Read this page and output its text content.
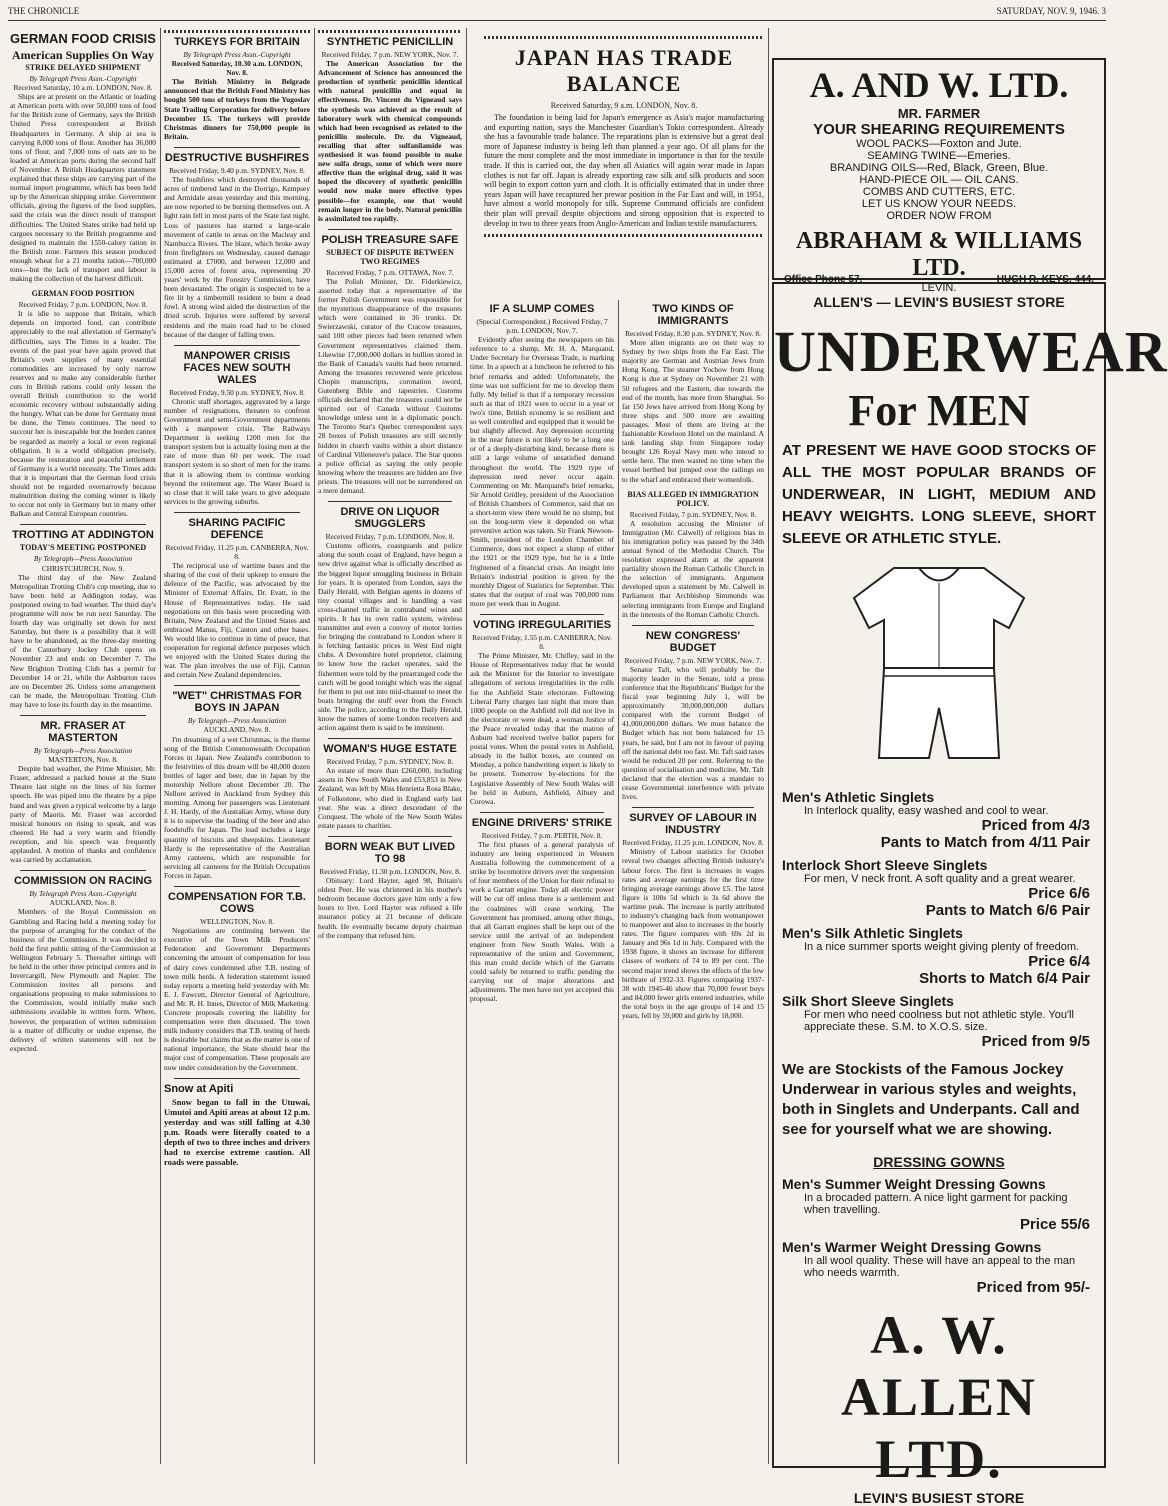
THE CHRONICLE	SATURDAY, NOV. 9, 1946. 3
GERMAN FOOD CRISIS
American Supplies On Way
STRIKE DELAYED SHIPMENT
By Telegraph Press Assn.-Copyright
Received Saturday, 10 a.m. LONDON, Nov. 8.

Ships are at present on the Atlantic or loading at American ports with over 50,000 tons of food for the British zone of Germany, says the British United Press correspondent at British Headquarters in Germany. A ship at sea is carrying 8,000 tons of flour. Another has 36,000 tons of flour, and 7,000 tons of oats are to be loaded at American ports during the second half of November. A British Headquarters statement explained that these ships are carrying part of the normal import programme, which has been held up by the American shipping strike. Government officials, giving the figures of the food supplies, said the crisis was the direct result of transport difficulties. The United States strike had held up cargoes necessary to the British programme and designed to maintain the 1550-calory ration in the British zone. Farmers this season produced enough wheat for a 21 months ration—700,000 tons—but the lack of transport and labour is making the collection of the harvest difficult.

GERMAN FOOD POSITION
Received Friday, 7 p.m. LONDON, Nov. 8.

It is idle to suppose that Britain, which depends on imported food, can contribute appreciably to the real alleviation of Germany's difficulties, says The Times in a leader. The events of the past year have again proved that Britain's own supplies of many essential commodities are increased by only narrow reserves and to make any considerable further cuts in British rations could only lessen the overall British contribution to the world economic recovery without substantially aiding the hungry. What can be done for Germany must be done, the Times continues. The need to succour her is inescapable but the burden cannot be regarded as merely a local or even regional obligation. It is a world obligation precisely, because the restoration and peaceful settlement of Germany is a world necessity. The Times adds that it is important that the German food crisis should not be regarded overnarrowly because malnutrition during the coming winter is likely to occur not only in Germany but in many other Balkan and Central European countries.

TROTTING AT ADDINGTON
TODAY'S MEETING POSTPONED
By Telegraph—Press Association
CHRISTCHURCH, Nov. 9.

The third day of the New Zealand Metropolitan Trotting Club's cup meeting, due to have been held at Addington today, was postponed owing to bad weather. The third day's programme will now be run next Saturday. The fourth day was originally set down for next Saturday, but there is a possibility that it will have to be abandoned, as the three-day meeting of the Canterbury Jockey Club opens on November 23 and ends on December 7. The New Brighton Trotting Club has a permit for December 14 or 21, while the Ashburton races are on December 26. Unless some arrangement can be made, the Metropolitan Trotting Club may have to lose its fourth day in the meantime.

MR. FRASER AT MASTERTON
By Telegraph—Press Association
MASTERTON, Nov. 8.

Despite bad weather, the Prime Minister, Mr. Fraser, addressed a packed house at the State Theatre last night on the lines of his former speech. He was piped into the theatre by a pipe band and was given a typical welcome by a large party of Maoris. Mr. Fraser was accorded musical honours on rising to speak, and was cheered. He had a very warm and friendly reception, and his speech was frequently applauded. A motion of thanks and confidence was carried by acclamation.

COMMISSION ON RACING
By Telegraph Press Assn.-Copyright
AUCKLAND, Nov. 8.

Members of the Royal Commission on Gambling and Racing held a meeting today for the purpose of arranging for the conduct of the business of the Commission. It was decided to hold the first public sitting of the Commission at Wellington February 5. Thereafter sittings will be held in the other three principal centres and in Invercargill, New Plymouth and Napier. The Commission invites all persons and organisations proposing to make submissions to the Commission, would initially make such submissions available in written form. Where, however, the preparation of written submission is a matter of difficulty or undue expense, the delivery of written statements will not be expected.

TURKEYS FOR BRITAIN
By Telegraph Press Assn.-Copyright
Received Saturday, 10.30 a.m. LONDON, Nov. 8.

The British Ministry in Belgrade announced that the British Food Ministry has bought 500 tons of turkeys from the Yugoslav State Trading Corporation for delivery before December 15. The turkeys will provide Christmas dinners for 750,000 people in Britain.

DESTRUCTIVE BUSHFIRES
Received Friday, 9.40 p.m. SYDNEY, Nov. 8.

The bushfires which destroyed thousands of acres of timbered land in the Dorrigo, Kempsey and Armidale areas yesterday and this morning, are now reported to be burning themselves out. A light rain fell in most parts of the State last night. Loss of pastures has started a large-scale movement of cattle to areas on the Macleay and Nambucca Rivers. The blaze, which broke away from firefighters on Wednesday, caused damage estimated at £7000, and between 12,000 and 15,000 acres of forest area, representing 20 years' work by the Forestry Commission, have been devastated. The origin is suspected to be a fire lit by a timbermill resident to burn a dead fowl. A strong wind aided the destruction of the dried scrub. Injuries were suffered by several residents and the main road had to be closed because of the danger of falling trees.

MANPOWER CRISIS FACES NEW SOUTH WALES
Received Friday, 9.50 p.m. SYDNEY, Nov. 8.

Chronic staff shortages, aggravated by a large number of resignations, threaten to confront Government and semi-Government departments with a manpower crisis. The Railways Department is seeking 1200 men for the transport system but is actually losing men at the rate of more than 60 per week. The road transport system is so short of men for the trams that it is allowing them to continue working beyond the retirement age. The Water Board is so close that it will take years to give adequate services to the growing suburbs.

SHARING PACIFIC DEFENCE
Received Friday, 11.25 p.m. CANBERRA, Nov. 8.

The reciprocal use of wartime bases and the sharing of the cost of their upkeep to ensure the defence of the Pacific, was advocated by the Minister of External Affairs, Dr. Evatt, in the House of Representatives today. He said negotiations on this basis were proceeding with Britain, New Zealand and the United States and embraced Manus, Fiji, Canton and other bases. We would like to continue in time of peace, that cooperation for regional defence purposes which we enjoyed with the United States during the war. The plan involves the use of Fiji, Canton and certain New Zealand dependencies.

"WET" CHRISTMAS FOR BOYS IN JAPAN
By Telegraph—Press Association
AUCKLAND, Nov. 8.

I'm dreaming of a wet Christmas, is the theme song of the British Commonwealth Occupation Forces in Japan. New Zealand's contribution to the festivities of this dream will be 48,000 dozen bottles of lager and beer, due in Japan by the motorship Nellore about December 20. The Nellore arrived in Auckland from Sydney this morning. Among her passengers was Lieutenant J. H. Hardy, of the Australian Army, whose duty it is to supervise the loading of the beer and also foodstuffs for Japan. The load includes a large quantity of biscuits and sheepskins. Lieutenant Hardy is the representative of the Australian Army canteens, which are responsible for servicing all canteens for the British Occupation Forces in Japan.

COMPENSATION FOR T.B. COWS
WELLINGTON, Nov. 8.

Negotiations are continuing between the executive of the Town Milk Producers' Federation and Government Departments concerning the amount of compensation for loss of dairy cows condemned after T.B. testing of town milk herds. A federation statement issued today reports a meeting held yesterday with Mr. E. J. Fawcett, Director General of Agriculture, and Mr. R. H. Innes, Director of Milk Marketing. Concrete proposals covering the liability for compensation were then discussed. The town milk industry considers that T.B. testing of herds is desirable but claims that as the matter is one of national importance, the State should bear the major cost of compensation. These proposals are now under consideration by the Government.

Snow at Apiti

Snow began to fall in the Utuwai, Umutoi and Apiti areas at about 12 p.m. yesterday and was still falling at 4.30 p.m. Roads were literally coated to a depth of two to three inches and drivers had to exercise extreme caution. All roads were passable.

SYNTHETIC PENICILLIN
Received Friday, 7 p.m. NEW YORK, Nov. 7.

The American Association for the Advancement of Science has announced the production of synthetic penicillin identical with natural penicillin and equal in effectiveness. Dr. Vincent du Vigneaud says the synthesis was achieved as the result of laboratory work with chemical compounds which had been recognised as related to the penicillin molecule. Dr. du Vigneaud, recalling that after sulfanilamide was synthesised it was found possible to make new sulfa drugs, some of which were more effective than the original drug, said it was hoped the discovery of synthetic penicillin would now make more effective types possible—for example, one that would remain longer in the body. Natural penicillin is assimilated too rapidly.

POLISH TREASURE SAFE
SUBJECT OF DISPUTE BETWEEN TWO REGIMES
Received Friday, 7 p.m. OTTAWA, Nov. 7.

The Polish Minister, Dr. Fiderkiewicz, asserted today that a representative of the former Polish Government was responsible for the mysterious disappearance of the treasures which were contained in 36 trunks. Dr. Swierzawski, curator of the Cracow treasures, said 100 other pieces had been returned when Government representatives claimed them. Likewise 17,000,000 dollars in bullion stored in the Bank of Canada's vaults had been returned. Among the treasures recovered were priceless Chopin manuscripts, coronation sword, Gutenberg Bible and tapestries. Customs officials declared that the treasures could not be spirited out of Canada without Customs knowledge unless sent in a diplomatic pouch. The Toronto Star's Quebec correspondent says 28 boxes of Polish treasures are still secretly hidden in church vaults within a short distance of Cardinal Villeneuve's palace. The Star quotes a police official as saying the only people knowing where the treasures are hidden are five priests. The treasures will not be surrendered on a mere demand.

DRIVE ON LIQUOR SMUGGLERS
Received Friday, 7 p.m. LONDON, Nov. 8.

Customs officers, coastguards and police along the south coast of England, have begun a new drive against what is officially described as the biggest liquor smuggling business in Britain for years. It is operated from London, says the Daily Herald, with Belgian agents in dozens of tiny coastal villages and is handling a vast cross-channel traffic in contraband wines and spirits. It has its own radio system, wireless transmitter and even a convoy of motor lorries for bringing the contraband to London where it is fetching fantastic prices in West End night clubs. A Devonshire hotel proprietor, claiming to know how the racket operates, said the fishermen were told by the prearranged code the catch will be good tonight which was the signal for them to put out into mid-channel to meet the boats bringing the stuff over from the French side. The police, according to the Daily Herald, know the names of some London receivers and action against them is said to be imminent.

WOMAN'S HUGE ESTATE
Received Friday, 7 p.m. SYDNEY, Nov. 8.

An estate of more than £260,000, including assets in New South Wales and £53,853 in New Zealand, was left by Miss Henrietta Rosa Blake, of Folkestone, who died in England early last year. She was a direct descendant of the Conquest. The whole of the New South Wales estate passes to charities.

BORN WEAK BUT LIVED TO 98
Received Friday, 11.30 p.m. LONDON, Nov. 8.

Obituary: Lord Hayter, aged 98, Britain's oldest Peer. He was christened in his mother's bedroom because doctors gave him only a few hours to live. Lord Hayter was refused a life insurance policy at 21 because of delicate health. He eventually became deputy chairman of the company that refused him.

JAPAN HAS TRADE BALANCE
Received Saturday, 9 a.m. LONDON, Nov. 8.

The foundation is being laid for Japan's emergence as Asia's major manufacturing and exporting nation, says the Manchester Guardian's Tokio correspondent. Already she has a favourable trade balance. The reparations plan is extensive but a great deal more of Japanese industry is being left than planned a year ago. Of all plans for the future the most complete and the most immediate in importance is that for the textile trade. If this is carried out, the day when all Asiatics will again wear made in Japan clothes is not far off. Japan is already exporting raw silk and silk products and soon will begin to export cotton yarn and cloth. It is officially estimated that in under three years Japan will have recaptured her prewar position in the Far East and will, in 1951, have almost a world monopoly for silk. Supreme Command officials are confident their plan will prevail despite objections and strong opposition that is expected to develop in two to three years from Anglo-American and Indian textile manufacturers.

IF A SLUMP COMES
(Special Correspondent.) Received Friday, 7 p.m. LONDON, Nov. 7.

Evidently after seeing the newspapers on his reference to a slump, Mr. H. A. Marquand, Under Secretary for Overseas Trade, is marking time. In a speech at a luncheon he referred to his brief remarks and added: Unfortunately, the time was not sufficient for me to develop them fully. My belief is that if a temporary recession such as that of 1921 were to occur in a year or two's time, British economy is so resilient and so well controlled and equipped that it would be but slightly affected. Any depression occurring in the near future is not likely to be a long one or of a deeply-disturbing kind, because there is still a large volume of unsatisfied demand throughout the world. The 1929 type of depression need never occur again. Commenting on Mr. Marquand's brief remarks, Sir Arnold Gridley, president of the Association of British Chambers of Commerce, said that on a short-term view there would be no slump, but on the long-term view it depended on what preventive action was taken. Sir Frank Newson-Smith, president of the London Chamber of Commerce, does not expect a slump of either the 1921 or the 1929 type, but he is a little frightened of a financial crisis. An insight into Britain's industrial position is given by the monthly Digest of Statistics for September. This states that the output of coal was 700,000 tons more per week than in August.

VOTING IRREGULARITIES
Received Friday, 1.55 p.m. CANBERRA, Nov. 8.

The Prime Minister, Mr. Chifley, said in the House of Representatives today that he would ask the Minister for the Interior to investigate allegations of serious irregularities in the rolls for the Ashfield State electorate. Following Liberal Party charges last night that more than 1000 people on the Ashfield roll did not live in the electorate or were dead, a woman Justice of the Peace revealed today that the matron of Auburn had received twelve ballot papers for postal votes. When the postal votes in Ashfield, already in the ballot boxes, are counted on Monday, a police handwriting expert is likely to be present. Tomorrow by-elections for the Legislative Assembly of New South Wales will be held in Auburn, Ashfield, Albury and Corowa.

ENGINE DRIVERS' STRIKE
Received Friday, 7 p.m. PERTH, Nov. 8.

The first phases of a general paralysis of industry are being experienced in Western Australia following the commencement of a strike by locomotive drivers over the suspension of four members of the Union for their refusal to work a Garratt engine. Today all electric power will be cut off unless there is a settlement and the coalmines will cease working. The Government has promised, among other things, that all Garratt engines shall be kept out of the service until the arrival of an independent engineer from New South Wales. With a representative of the union and Government, this man could decide which of the Garratts could safely be returned to traffic pending the carrying out of major alterations and adjustments. The men have not yet accepted this proposal.

TWO KINDS OF IMMIGRANTS
Received Friday, 8.30 p.m. SYDNEY, Nov. 8.

More alien migrants are on their way to Sydney by two ships from the Far East. The majority are German and Austrian Jews from Hong Kong. The steamer Yochow from Hong Kong is due at Sydney on November 21 with 50 refugees and the Eastern, due towards the end of the month, has more from Shanghai. So far 150 Jews have arrived from Hong Kong by three ships and 500 more are awaiting passages. Most of them are living at the fashionable Kowloon Hotel on the mainland. A tank landing ship from Singapore today brought 126 Royal Navy men who intend to settle here. The men wasted no time when the vessel berthed but jumped over the railings on to the wharf and embraced their womenfolk.

BIAS ALLEGED IN IMMIGRATION POLICY.
Received Friday, 7 p.m. SYDNEY, Nov. 8.

A resolution accusing the Minister of Immigration (Mr. Calwell) of religious bias in his immigration policy was passed by the 34th annual Synod of the Methodist Church. The resolution expressed alarm at the apparent partiality shown the Roman Catholic Church in the selection of immigrants. Argument developed upon a statement by Mr. Calwell in Parliament that Archbishop Simmonds was selecting immigrants from Europe and England in the interests of the Roman Catholic Church.

NEW CONGRESS' BUDGET
Received Friday, 7 p.m. NEW YORK, Nov. 7.

Senator Taft, who will probably be the majority leader in the Senate, told a press conference that the Republicans' Budget for the fiscal year beginning July 1, will be approximately 30,000,000,000 dollars compared with the current Budget of 41,000,000,000 dollars. We must balance the Budget which has not been balanced for 15 years, he said, but I am not in favour of paying off the national debt too fast. Mr. Taft said taxes would be reduced 20 per cent. Referring to the question of socialisation and medicine, Mr. Taft declared that the election was a mandate to cease Governmental interference with private lives.

SURVEY OF LABOUR IN INDUSTRY
Received Friday, 11.25 p.m. LONDON, Nov. 8.

Ministry of Labour statistics for October reveal two changes affecting British industry's labour force. The first is increases in wages rates and average earnings for the first time bringing average earnings above £5. The latest figure is 100s 5d which is 3s 6d above the wartime peak. The increase is partly attributed to industry's changing back from womanpower to manpower and also to increases in the hourly rates. The figure compares with 69s 2d in January and 96s 1d in July. Compared with the 1938 figure, it shows an increase for different classes of workers of 74 to 89 per cent. The second major trend shows the effects of the low birthrate of 1932-33. Figures comparing 1937-38 with 1945-46 show that 70,000 fewer boys and 84,000 fewer girls entered industries, while the total boys in the age groups of 14 and 15 years, fell by 59,000 and girls by 18,000.

A. AND W. LTD.
MR. FARMER
YOUR SHEARING REQUIREMENTS
WOOL PACKS—Foxton and Jute.
SEAMING TWINE—Emeries.
BRANDING OILS—Red, Black, Green, Blue.
HAND-PIECE OIL — OIL CANS.
COMBS AND CUTTERS, ETC.
LET US KNOW YOUR NEEDS.
ORDER NOW FROM
ABRAHAM & WILLIAMS LTD.
LEVIN.
Office Phone 57.	HUGH R. KEYS, 444.
ALLEN'S — LEVIN'S BUSIEST STORE
UNDERWEAR
For MEN
AT PRESENT WE HAVE GOOD STOCKS OF ALL THE MOST POPULAR BRANDS OF UNDERWEAR, IN LIGHT, MEDIUM AND HEAVY WEIGHTS. LONG SLEEVE, SHORT SLEEVE OR ATHLETIC STYLE.
Men's Athletic Singlets
In Interlock quality, easy washed and cool to wear.
Priced from 4/3
Pants to Match from 4/11 Pair
Interlock Short Sleeve Singlets
For men, V neck front. A soft quality and a great wearer.
Price 6/6
Pants to Match 6/6 Pair
Men's Silk Athletic Singlets
In a nice summer sports weight giving plenty of freedom.
Price 6/4
Shorts to Match 6/4 Pair
Silk Short Sleeve Singlets
For men who need coolness but not athletic style. You'll appreciate these. S.M. to X.O.S. size.
Priced from 9/5
We are Stockists of the Famous Jockey Underwear in various styles and weights, both in Singlets and Underpants. Call and see for yourself what we are showing.
DRESSING GOWNS
Men's Summer Weight Dressing Gowns
In a brocaded pattern. A nice light garment for packing when travelling.
Price 55/6
Men's Warmer Weight Dressing Gowns
In all wool quality. These will have an appeal to the man who needs warmth.
Priced from 95/-
A. W. ALLEN LTD.
LEVIN'S BUSIEST STORE
